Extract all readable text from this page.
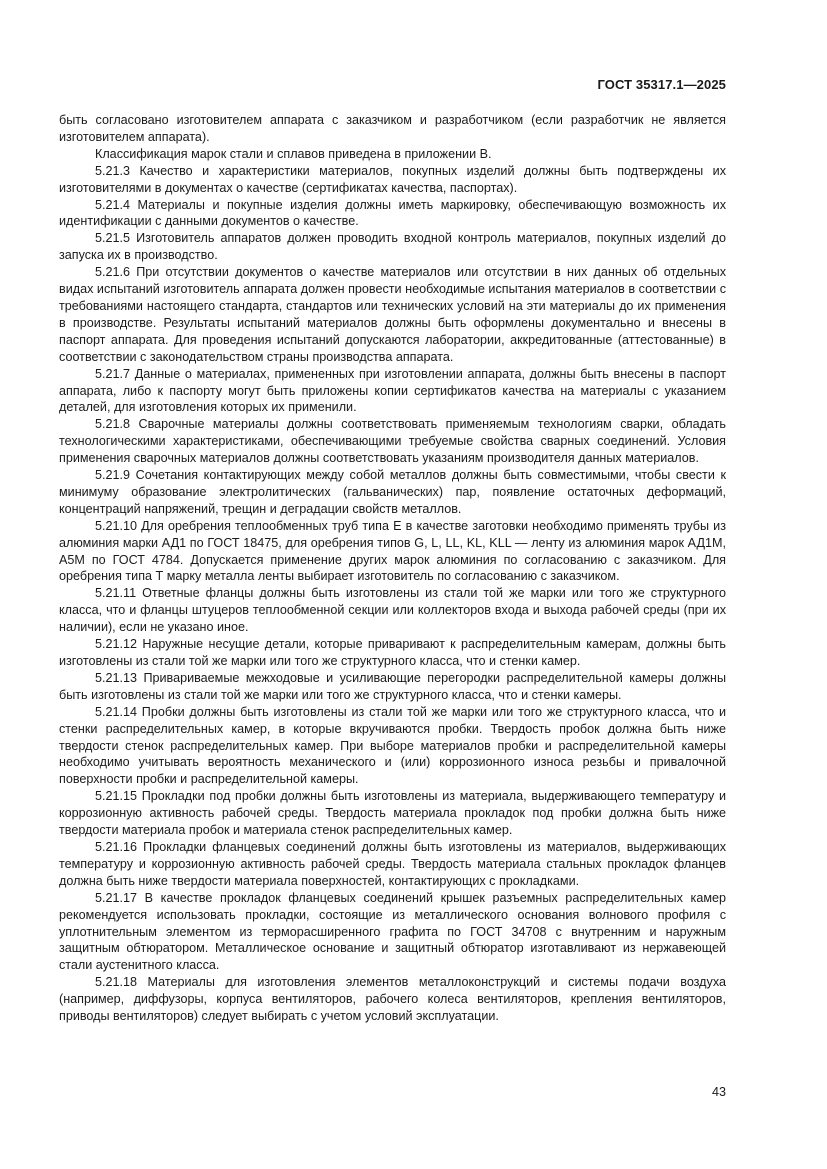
ГОСТ 35317.1—2025

быть согласовано изготовителем аппарата с заказчиком и разработчиком (если разработчик не является изготовителем аппарата).

Классификация марок стали и сплавов приведена в приложении В.

5.21.3 Качество и характеристики материалов, покупных изделий должны быть подтверждены их изготовителями в документах о качестве (сертификатах качества, паспортах).

5.21.4 Материалы и покупные изделия должны иметь маркировку, обеспечивающую возможность их идентификации с данными документов о качестве.

5.21.5 Изготовитель аппаратов должен проводить входной контроль материалов, покупных изделий до запуска их в производство.

5.21.6 При отсутствии документов о качестве материалов или отсутствии в них данных об отдельных видах испытаний изготовитель аппарата должен провести необходимые испытания материалов в соответствии с требованиями настоящего стандарта, стандартов или технических условий на эти материалы до их применения в производстве. Результаты испытаний материалов должны быть оформлены документально и внесены в паспорт аппарата. Для проведения испытаний допускаются лаборатории, аккредитованные (аттестованные) в соответствии с законодательством страны производства аппарата.

5.21.7 Данные о материалах, примененных при изготовлении аппарата, должны быть внесены в паспорт аппарата, либо к паспорту могут быть приложены копии сертификатов качества на материалы с указанием деталей, для изготовления которых их применили.

5.21.8 Сварочные материалы должны соответствовать применяемым технологиям сварки, обладать технологическими характеристиками, обеспечивающими требуемые свойства сварных соединений. Условия применения сварочных материалов должны соответствовать указаниям производителя данных материалов.

5.21.9 Сочетания контактирующих между собой металлов должны быть совместимыми, чтобы свести к минимуму образование электролитических (гальванических) пар, появление остаточных деформаций, концентраций напряжений, трещин и деградации свойств металлов.

5.21.10 Для оребрения теплообменных труб типа Е в качестве заготовки необходимо применять трубы из алюминия марки АД1 по ГОСТ 18475, для оребрения типов G, L, LL, KL, KLL — ленту из алюминия марок АД1М, А5М по ГОСТ 4784. Допускается применение других марок алюминия по согласованию с заказчиком. Для оребрения типа Т марку металла ленты выбирает изготовитель по согласованию с заказчиком.

5.21.11 Ответные фланцы должны быть изготовлены из стали той же марки или того же структурного класса, что и фланцы штуцеров теплообменной секции или коллекторов входа и выхода рабочей среды (при их наличии), если не указано иное.

5.21.12 Наружные несущие детали, которые приваривают к распределительным камерам, должны быть изготовлены из стали той же марки или того же структурного класса, что и стенки камер.

5.21.13 Привариваемые межходовые и усиливающие перегородки распределительной камеры должны быть изготовлены из стали той же марки или того же структурного класса, что и стенки камеры.

5.21.14 Пробки должны быть изготовлены из стали той же марки или того же структурного класса, что и стенки распределительных камер, в которые вкручиваются пробки. Твердость пробок должна быть ниже твердости стенок распределительных камер. При выборе материалов пробки и распределительной камеры необходимо учитывать вероятность механического и (или) коррозионного износа резьбы и привалочной поверхности пробки и распределительной камеры.

5.21.15 Прокладки под пробки должны быть изготовлены из материала, выдерживающего температуру и коррозионную активность рабочей среды. Твердость материала прокладок под пробки должна быть ниже твердости материала пробок и материала стенок распределительных камер.

5.21.16 Прокладки фланцевых соединений должны быть изготовлены из материалов, выдерживающих температуру и коррозионную активность рабочей среды. Твердость материала стальных прокладок фланцев должна быть ниже твердости материала поверхностей, контактирующих с прокладками.

5.21.17 В качестве прокладок фланцевых соединений крышек разъемных распределительных камер рекомендуется использовать прокладки, состоящие из металлического основания волнового профиля с уплотнительным элементом из терморасширенного графита по ГОСТ 34708 с внутренним и наружным защитным обтюратором. Металлическое основание и защитный обтюратор изготавливают из нержавеющей стали аустенитного класса.

5.21.18 Материалы для изготовления элементов металлоконструкций и системы подачи воздуха (например, диффузоры, корпуса вентиляторов, рабочего колеса вентиляторов, крепления вентиляторов, приводы вентиляторов) следует выбирать с учетом условий эксплуатации.

43
